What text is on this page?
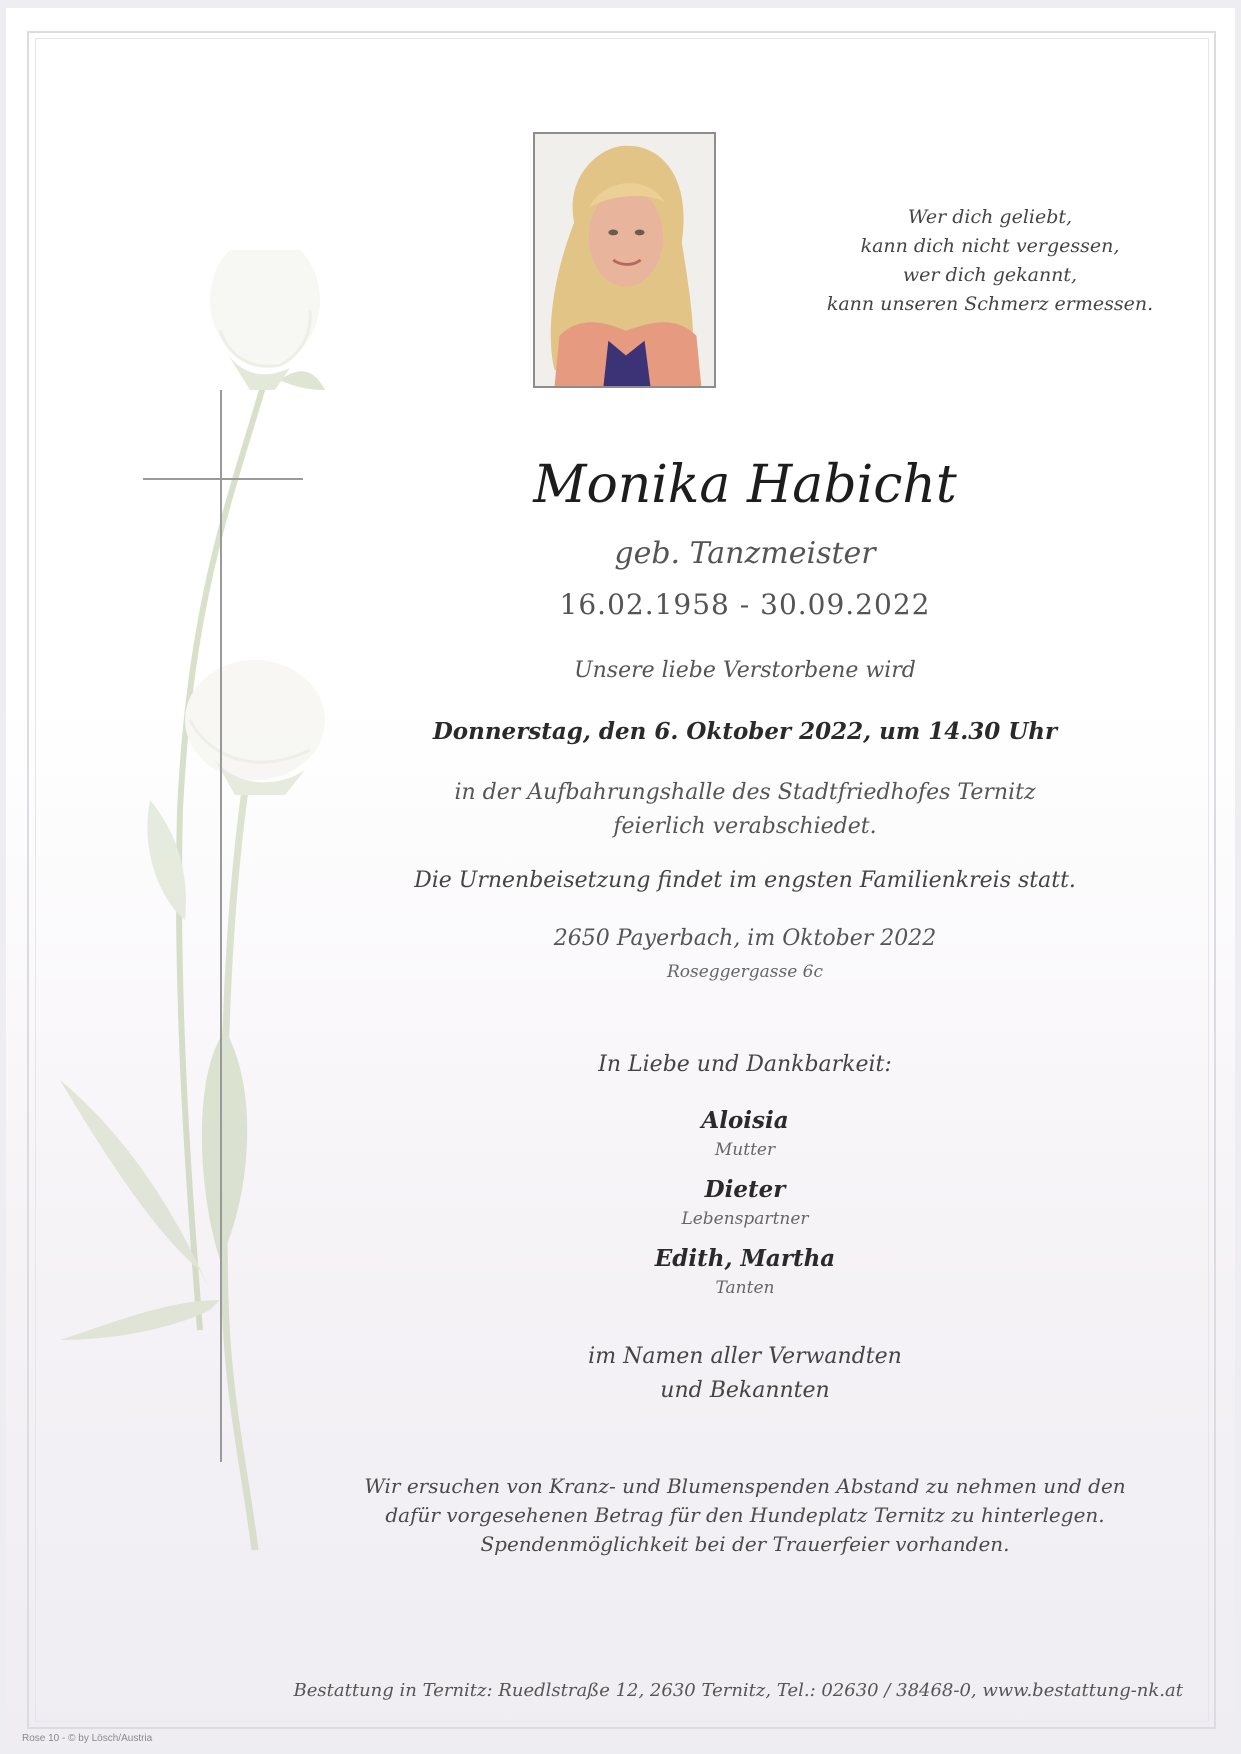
Wer dich geliebt,
kann dich nicht vergessen,
wer dich gekannt,
kann unseren Schmerz ermessen.
Monika Habicht
geb. Tanzmeister
16.02.1958 - 30.09.2022
Unsere liebe Verstorbene wird
Donnerstag, den 6. Oktober 2022, um 14.30 Uhr
in der Aufbahrungshalle des Stadtfriedhofes Ternitz
feierlich verabschiedet.
Die Urnenbeisetzung findet im engsten Familienkreis statt.
2650 Payerbach, im Oktober 2022
Roseggergasse 6c
In Liebe und Dankbarkeit:
Aloisia
Mutter
Dieter
Lebenspartner
Edith, Martha
Tanten
im Namen aller Verwandten
und Bekannten
Wir ersuchen von Kranz- und Blumenspenden Abstand zu nehmen und den
dafür vorgesehenen Betrag für den Hundeplatz Ternitz zu hinterlegen.
Spendenmöglichkeit bei der Trauerfeier vorhanden.
Bestattung in Ternitz: Ruedlstraße 12, 2630 Ternitz, Tel.: 02630 / 38468-0, www.bestattung-nk.at
Rose 10 - © by Lösch/Austria
